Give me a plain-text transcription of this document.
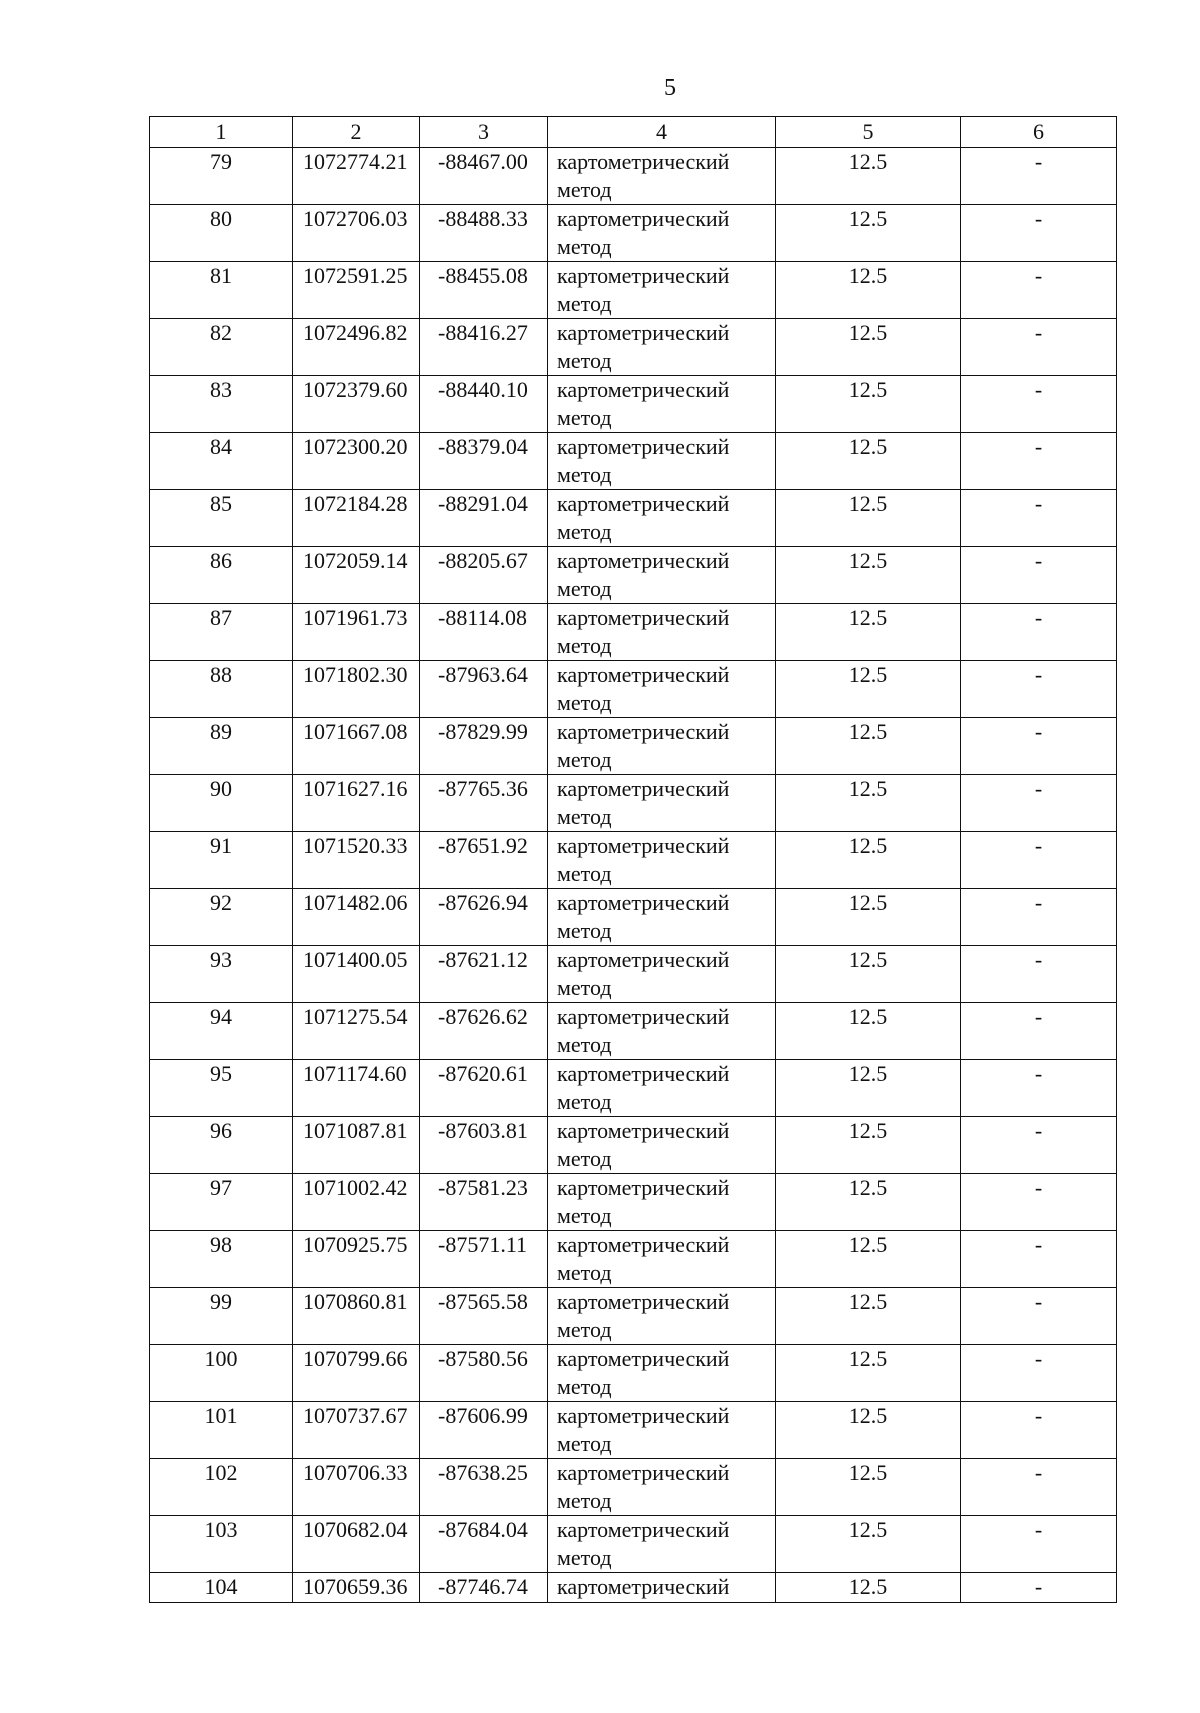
5
1	2	3	4	5	6
79	1072774.21	-88467.00	картометрический метод	12.5	-
80	1072706.03	-88488.33	картометрический метод	12.5	-
81	1072591.25	-88455.08	картометрический метод	12.5	-
82	1072496.82	-88416.27	картометрический метод	12.5	-
83	1072379.60	-88440.10	картометрический метод	12.5	-
84	1072300.20	-88379.04	картометрический метод	12.5	-
85	1072184.28	-88291.04	картометрический метод	12.5	-
86	1072059.14	-88205.67	картометрический метод	12.5	-
87	1071961.73	-88114.08	картометрический метод	12.5	-
88	1071802.30	-87963.64	картометрический метод	12.5	-
89	1071667.08	-87829.99	картометрический метод	12.5	-
90	1071627.16	-87765.36	картометрический метод	12.5	-
91	1071520.33	-87651.92	картометрический метод	12.5	-
92	1071482.06	-87626.94	картометрический метод	12.5	-
93	1071400.05	-87621.12	картометрический метод	12.5	-
94	1071275.54	-87626.62	картометрический метод	12.5	-
95	1071174.60	-87620.61	картометрический метод	12.5	-
96	1071087.81	-87603.81	картометрический метод	12.5	-
97	1071002.42	-87581.23	картометрический метод	12.5	-
98	1070925.75	-87571.11	картометрический метод	12.5	-
99	1070860.81	-87565.58	картометрический метод	12.5	-
100	1070799.66	-87580.56	картометрический метод	12.5	-
101	1070737.67	-87606.99	картометрический метод	12.5	-
102	1070706.33	-87638.25	картометрический метод	12.5	-
103	1070682.04	-87684.04	картометрический метод	12.5	-
104	1070659.36	-87746.74	картометрический	12.5	-
